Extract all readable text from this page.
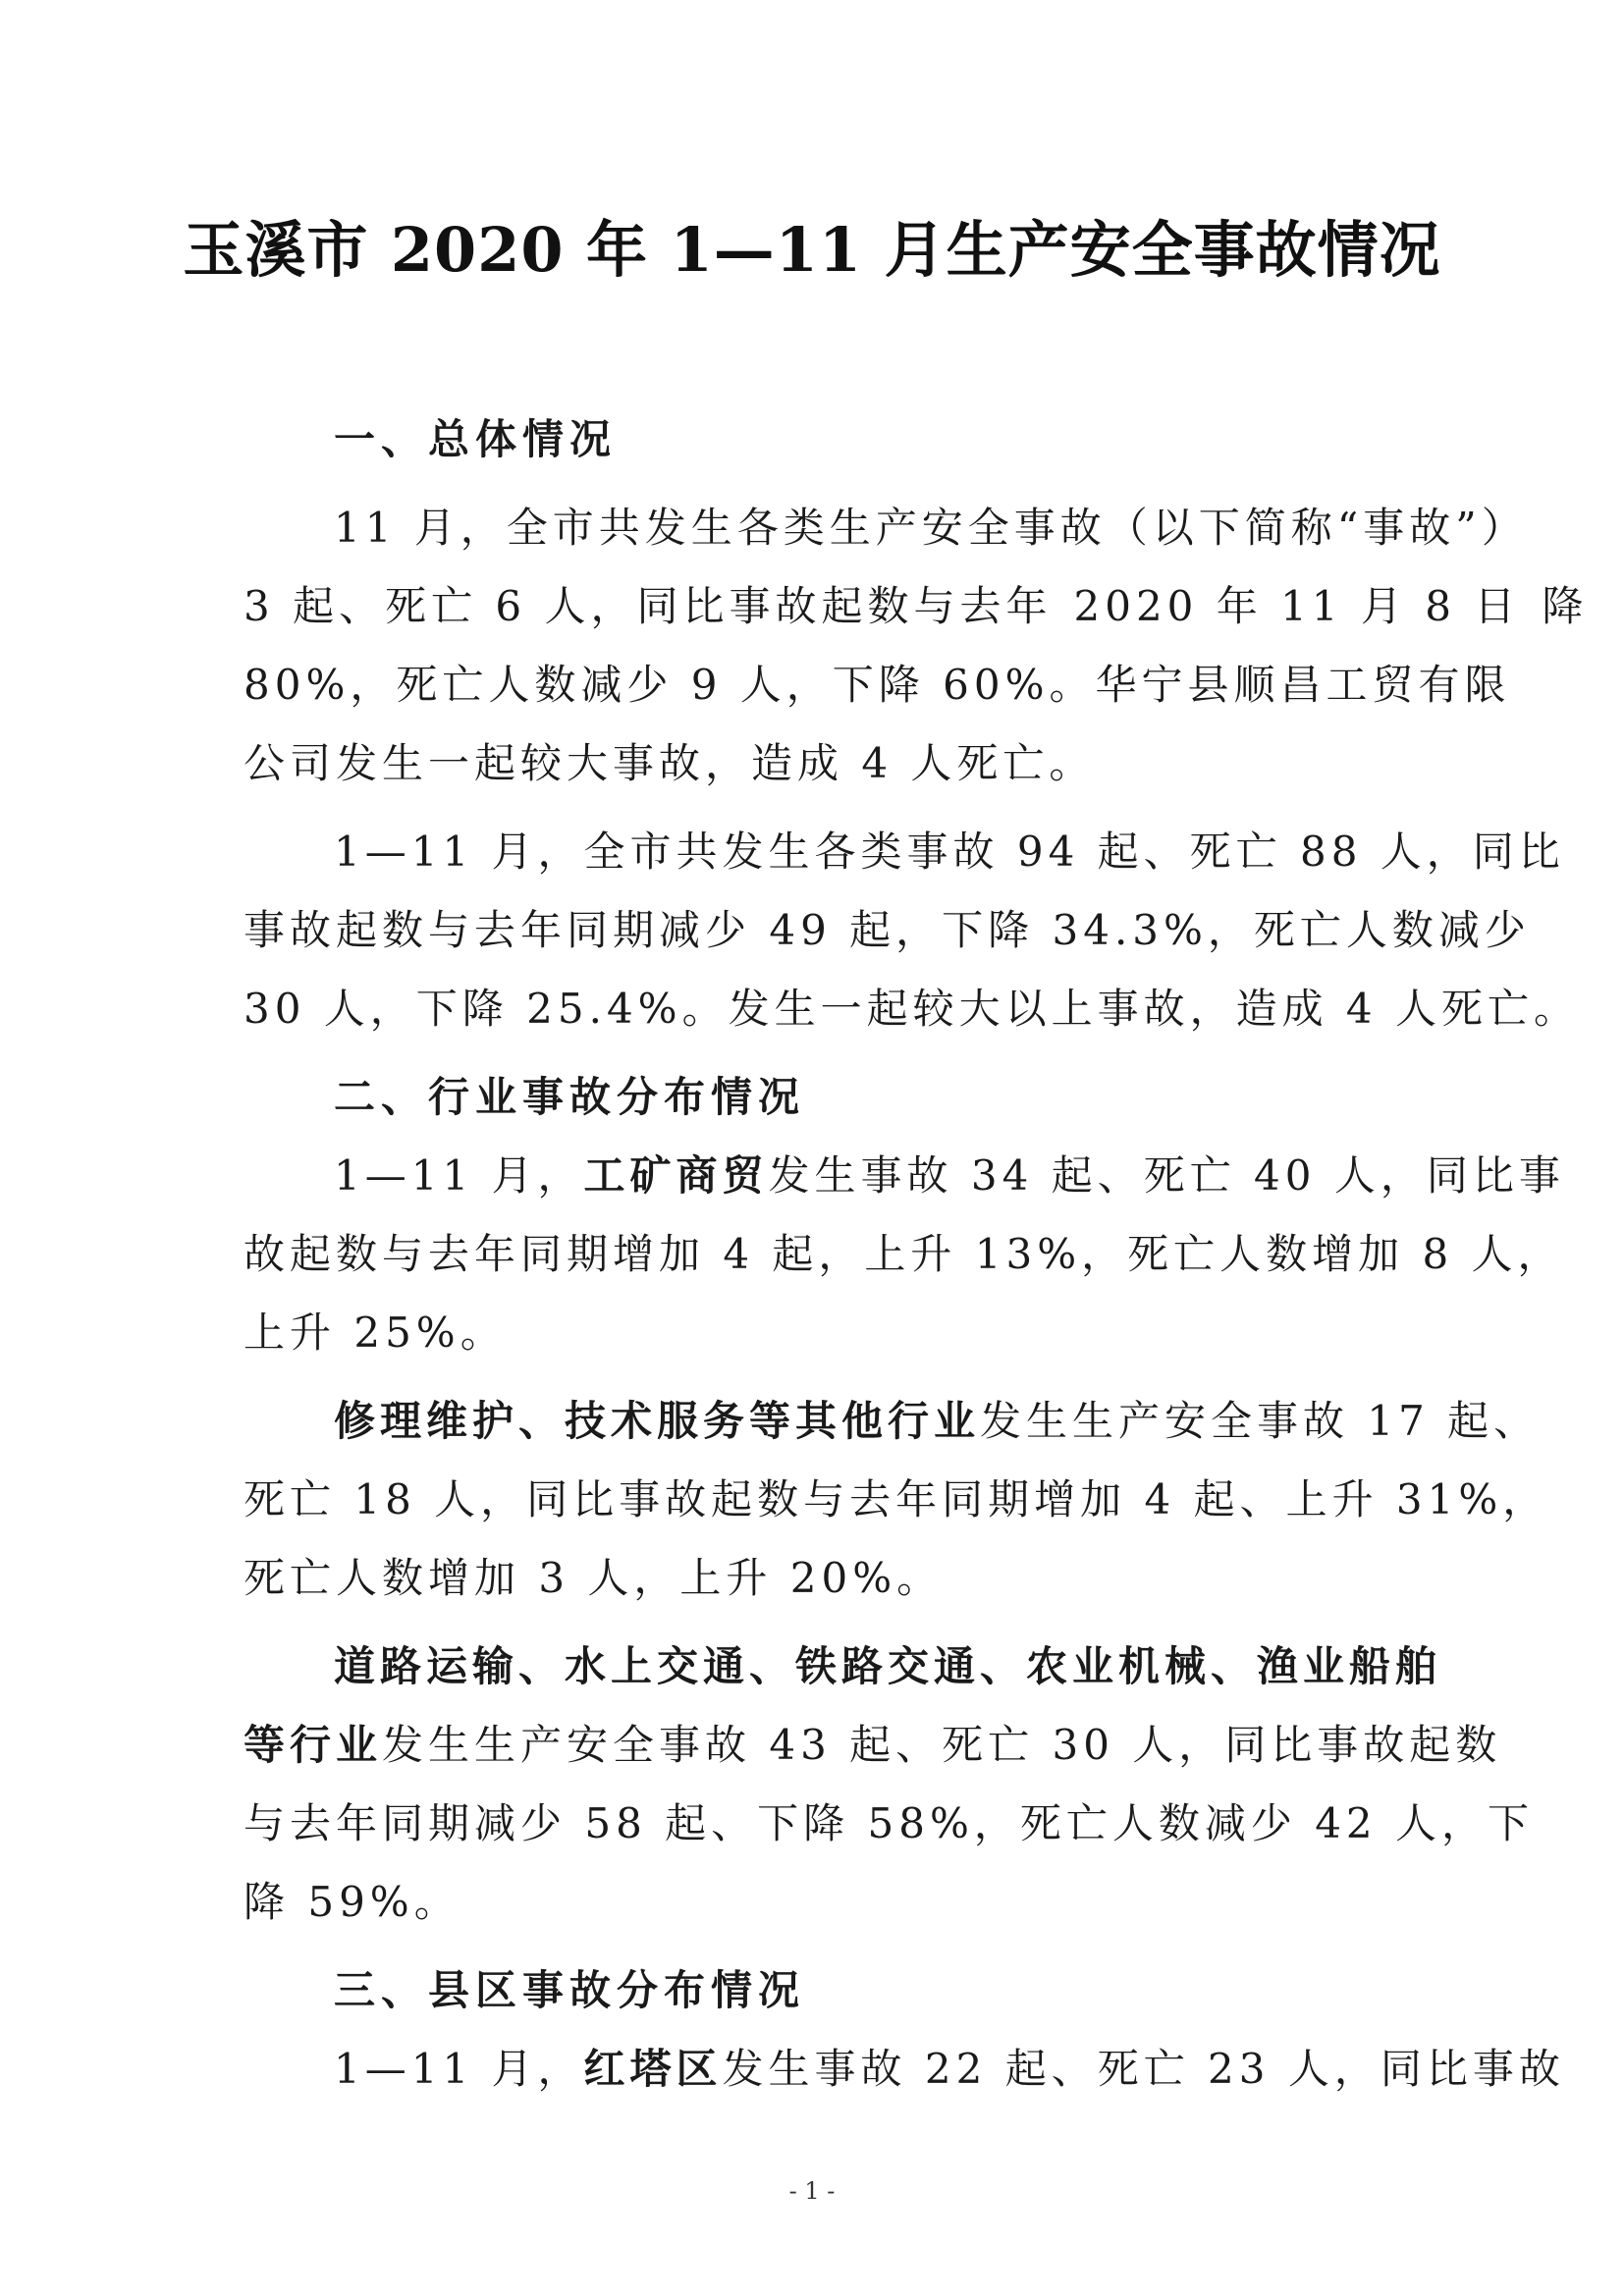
玉溪市 2020 年 1—11 月生产安全事故情况
一、总体情况
11 月，全市共发生各类生产安全事故（以下简称“事故”）
3 起、死亡 6 人，同比事故起数与去年 2020 年 11 月 8 日 降
80%，死亡人数减少 9 人，下降 60%。华宁县顺昌工贸有限
公司发生一起较大事故，造成 4 人死亡。
1—11 月，全市共发生各类事故 94 起、死亡 88 人，同比
事故起数与去年同期减少 49 起，下降 34.3%，死亡人数减少
30 人，下降 25.4%。发生一起较大以上事故，造成 4 人死亡。
二、行业事故分布情况
1—11 月，工矿商贸发生事故 34 起、死亡 40 人，同比事
故起数与去年同期增加 4 起，上升 13%，死亡人数增加 8 人，
上升 25%。
修理维护、技术服务等其他行业发生生产安全事故 17 起、
死亡 18 人，同比事故起数与去年同期增加 4 起、上升 31%，
死亡人数增加 3 人，上升 20%。
道路运输、水上交通、铁路交通、农业机械、渔业船舶
等行业发生生产安全事故 43 起、死亡 30 人，同比事故起数
与去年同期减少 58 起、下降 58%，死亡人数减少 42 人，下
降 59%。
三、县区事故分布情况
1—11 月，红塔区发生事故 22 起、死亡 23 人，同比事故
- 1 -
